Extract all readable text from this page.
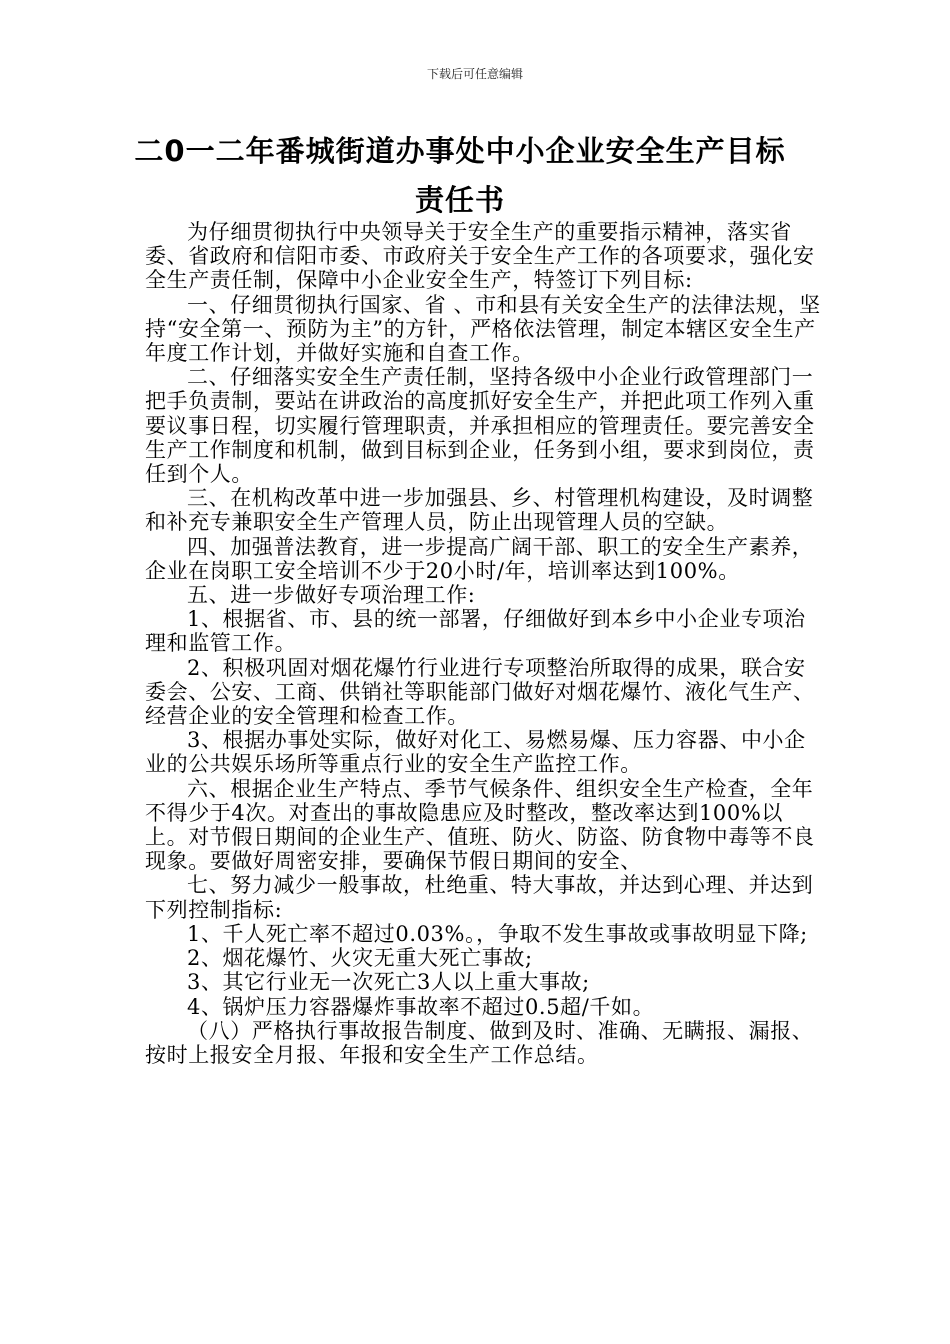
下载后可任意编辑
二0一二年番城街道办事处中小企业安全生产目标
责任书

为仔细贯彻执行中央领导关于安全生产的重要指示精神，落实省委、省政府和信阳市委、市政府关于安全生产工作的各项要求，强化安全生产责任制，保障中小企业安全生产，特签订下列目标:

一、仔细贯彻执行国家、省 、市和县有关安全生产的法律法规，坚持“安全第一、预防为主”的方针，严格依法管理，制定本辖区安全生产年度工作计划，并做好实施和自查工作。

二、仔细落实安全生产责任制，坚持各级中小企业行政管理部门一把手负责制，要站在讲政治的高度抓好安全生产，并把此项工作列入重要议事日程，切实履行管理职责，并承担相应的管理责任。要完善安全生产工作制度和机制，做到目标到企业，任务到小组，要求到岗位，责任到个人。

三、在机构改革中进一步加强县、乡、村管理机构建设，及时调整和补充专兼职安全生产管理人员，防止出现管理人员的空缺。

四、加强普法教育，进一步提高广阔干部、职工的安全生产素养，企业在岗职工安全培训不少于20小时/年，培训率达到100%。

五、进一步做好专项治理工作:

1、根据省、市、县的统一部署，仔细做好到本乡中小企业专项治理和监管工作。

2、积极巩固对烟花爆竹行业进行专项整治所取得的成果，联合安委会、公安、工商、供销社等职能部门做好对烟花爆竹、液化气生产、经营企业的安全管理和检查工作。

3、根据办事处实际，做好对化工、易燃易爆、压力容器、中小企业的公共娱乐场所等重点行业的安全生产监控工作。

六、根据企业生产特点、季节气候条件、组织安全生产检查，全年不得少于4次。对查出的事故隐患应及时整改，整改率达到100%以上。对节假日期间的企业生产、值班、防火、防盗、防食物中毒等不良现象。要做好周密安排，要确保节假日期间的安全、

七、努力减少一般事故，杜绝重、特大事故，并达到心理、并达到下列控制指标:

1、千人死亡率不超过0.03%。，争取不发生事故或事故明显下降;

2、烟花爆竹、火灾无重大死亡事故;

3、其它行业无一次死亡3人以上重大事故;

4、锅炉压力容器爆炸事故率不超过0.5超/千如。

（八）严格执行事故报告制度、做到及时、准确、无瞒报、漏报、按时上报安全月报、年报和安全生产工作总结。
